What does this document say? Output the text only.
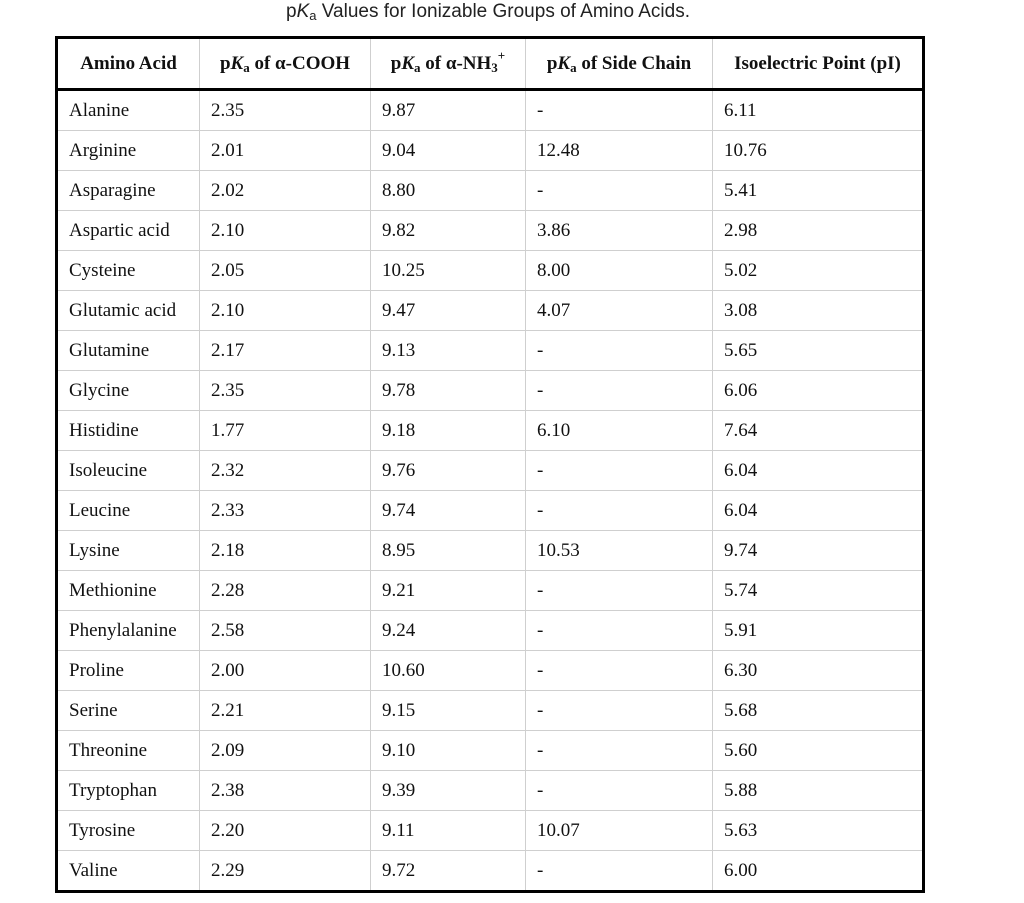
$pK_a$ Values for Ionizable Groups of Amino Acids.
Amino Acid	$pK_a$ of α-COOH	$pK_a$ of $\alpha-NH_3^+$	$pK_a$ of Side Chain	Isoelectric Point (pI)
Alanine	2.35	9.87	-	6.11
Arginine	2.01	9.04	12.48	10.76
Asparagine	2.02	8.80	-	5.41
Aspartic acid	2.10	9.82	3.86	2.98
Cysteine	2.05	10.25	8.00	5.02
Glutamic acid	2.10	9.47	4.07	3.08
Glutamine	2.17	9.13	-	5.65
Glycine	2.35	9.78	-	6.06
Histidine	1.77	9.18	6.10	7.64
Isoleucine	2.32	9.76	-	6.04
Leucine	2.33	9.74	-	6.04
Lysine	2.18	8.95	10.53	9.74
Methionine	2.28	9.21	-	5.74
Phenylalanine	2.58	9.24	-	5.91
Proline	2.00	10.60	-	6.30
Serine	2.21	9.15	-	5.68
Threonine	2.09	9.10	-	5.60
Tryptophan	2.38	9.39	-	5.88
Tyrosine	2.20	9.11	10.07	5.63
Valine	2.29	9.72	-	6.00
